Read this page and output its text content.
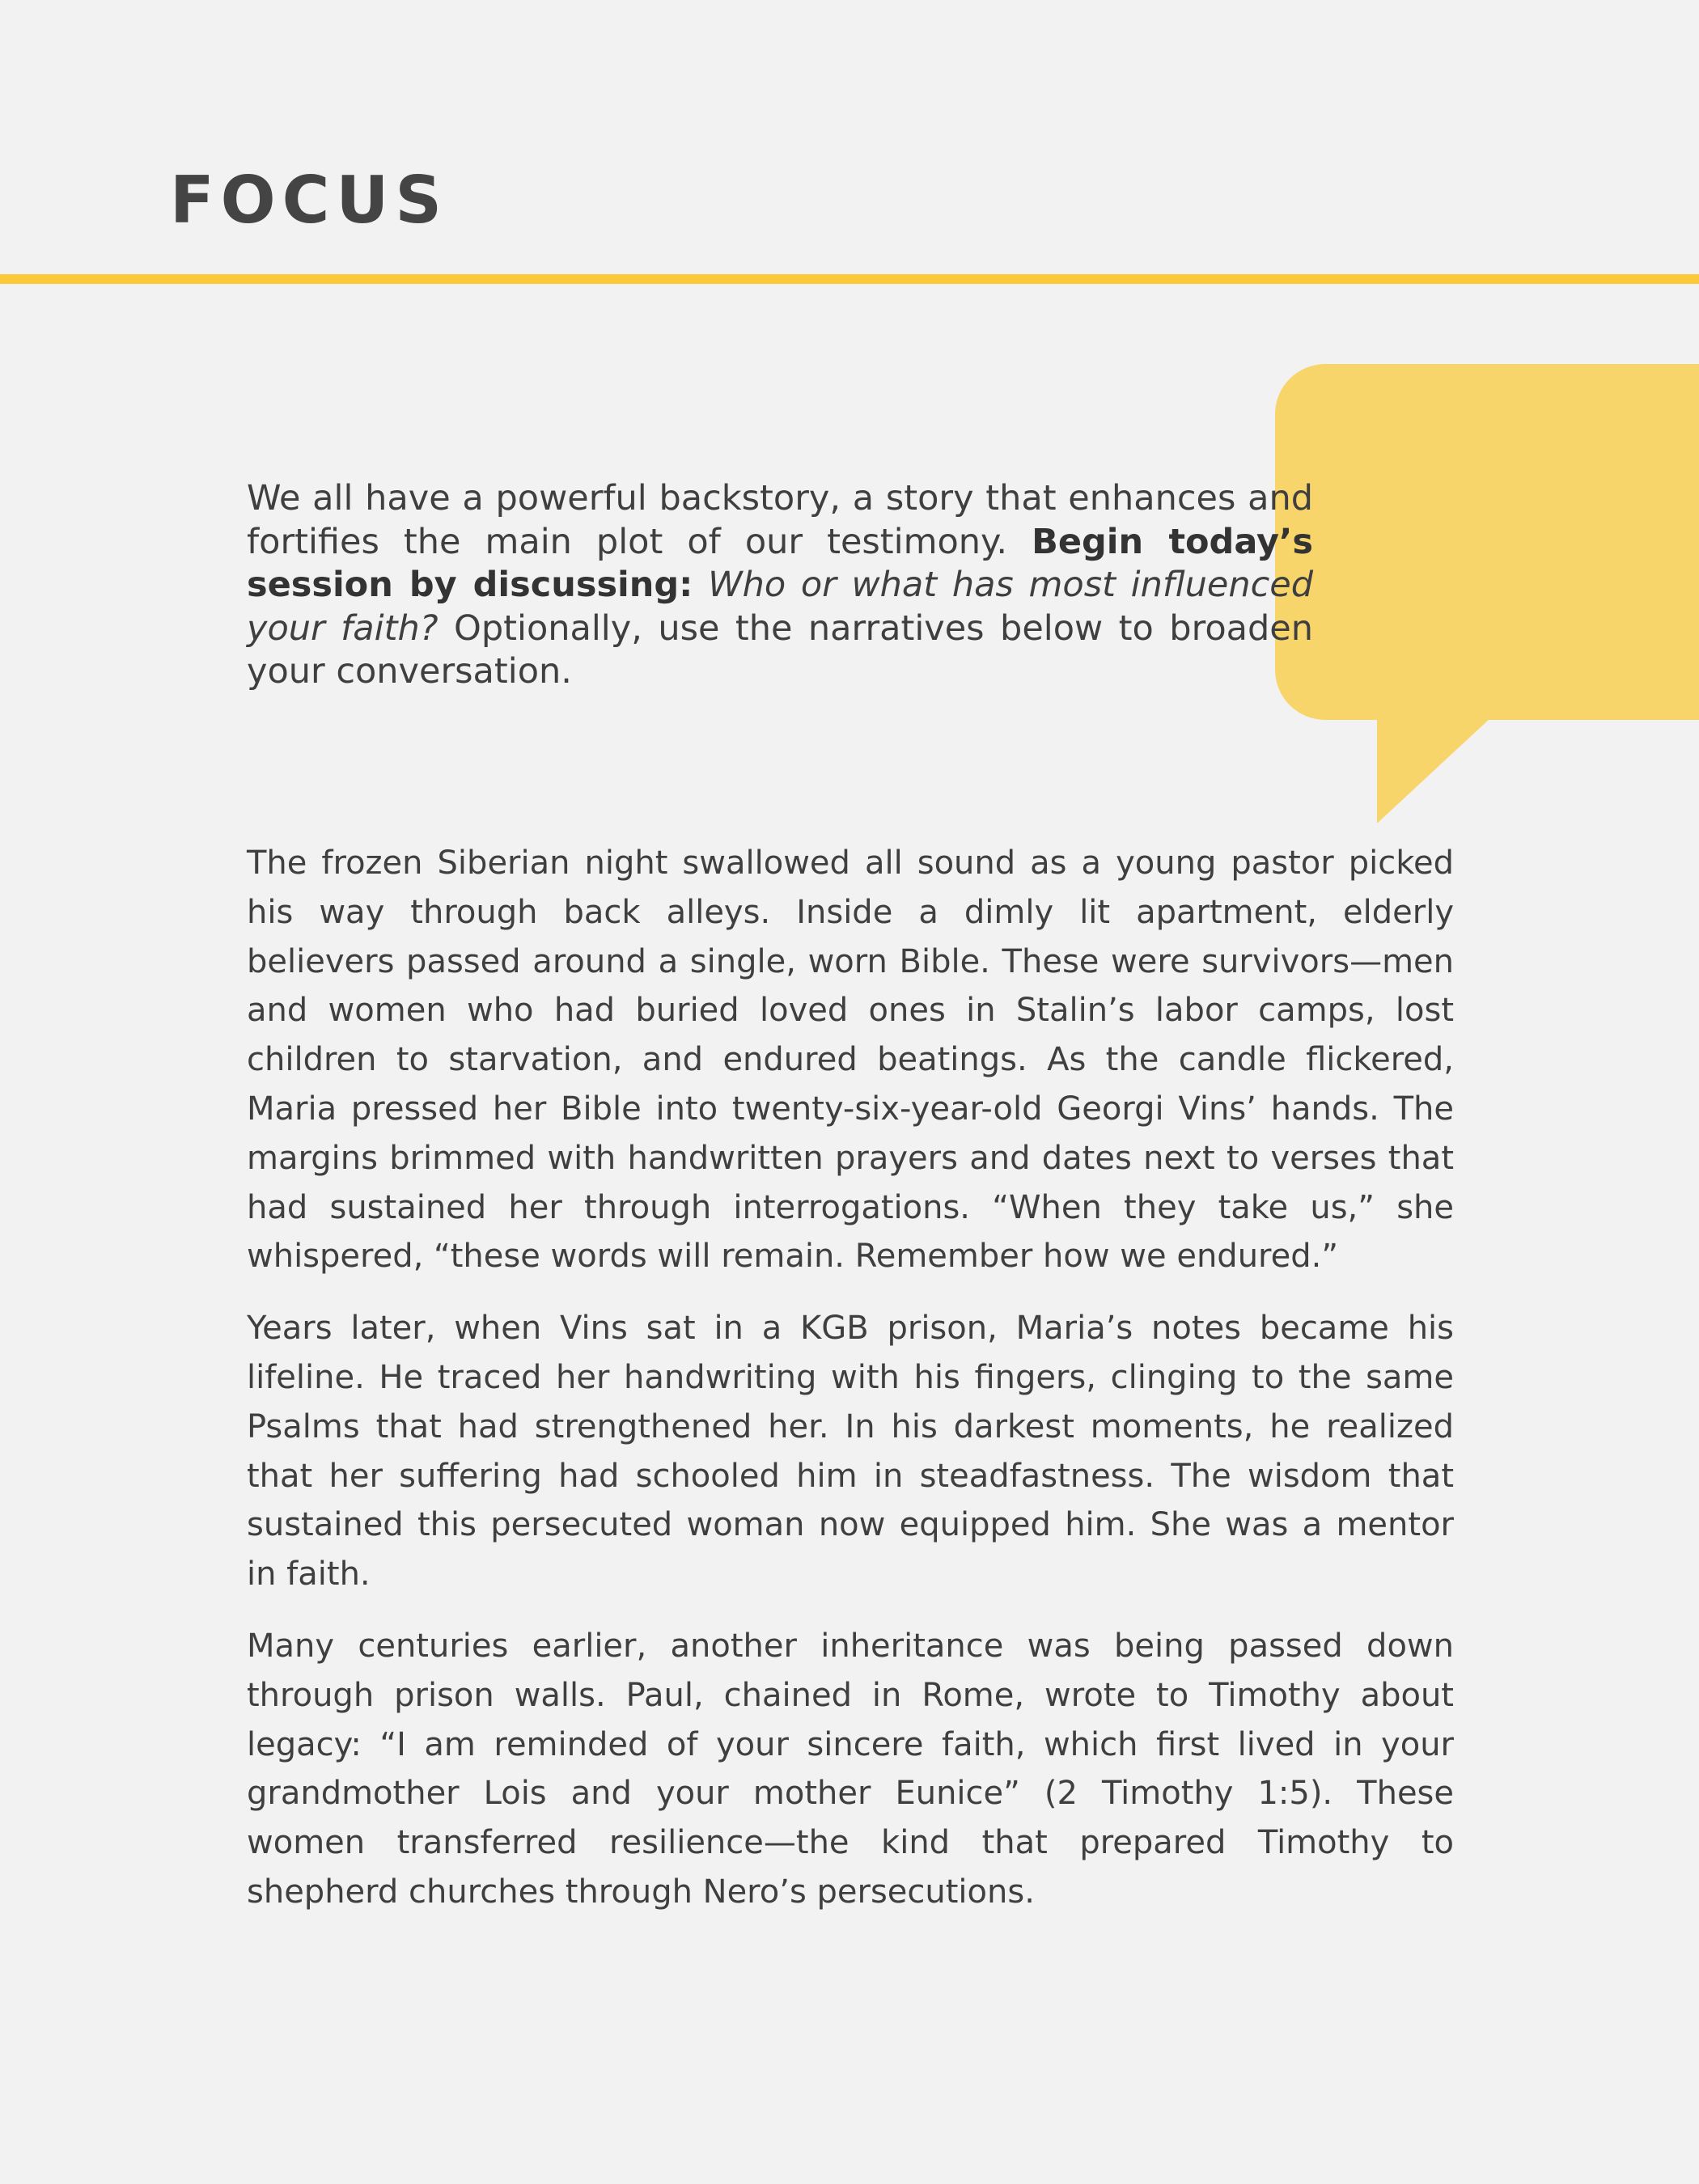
FOCUS

We all have a powerful backstory, a story that enhances and fortifies the main plot of our testimony. Begin today’s session by discussing: Who or what has most influenced your faith? Optionally, use the narratives below to broaden your conversation.

The frozen Siberian night swallowed all sound as a young pastor picked his way through back alleys. Inside a dimly lit apartment, elderly believers passed around a single, worn Bible. These were survivors—men and women who had buried loved ones in Stalin’s labor camps, lost children to starvation, and endured beatings. As the candle flickered, Maria pressed her Bible into twenty-six-year-old Georgi Vins’ hands. The margins brimmed with handwritten prayers and dates next to verses that had sustained her through interrogations. “When they take us,” she whispered, “these words will remain. Remember how we endured.”

Years later, when Vins sat in a KGB prison, Maria’s notes became his lifeline. He traced her handwriting with his fingers, clinging to the same Psalms that had strengthened her. In his darkest moments, he realized that her suffering had schooled him in steadfastness. The wisdom that sustained this persecuted woman now equipped him. She was a mentor in faith.

Many centuries earlier, another inheritance was being passed down through prison walls. Paul, chained in Rome, wrote to Timothy about legacy: “I am reminded of your sincere faith, which first lived in your grandmother Lois and your mother Eunice” (2 Timothy 1:5). These women transferred resilience—the kind that prepared Timothy to shepherd churches through Nero’s persecutions.
